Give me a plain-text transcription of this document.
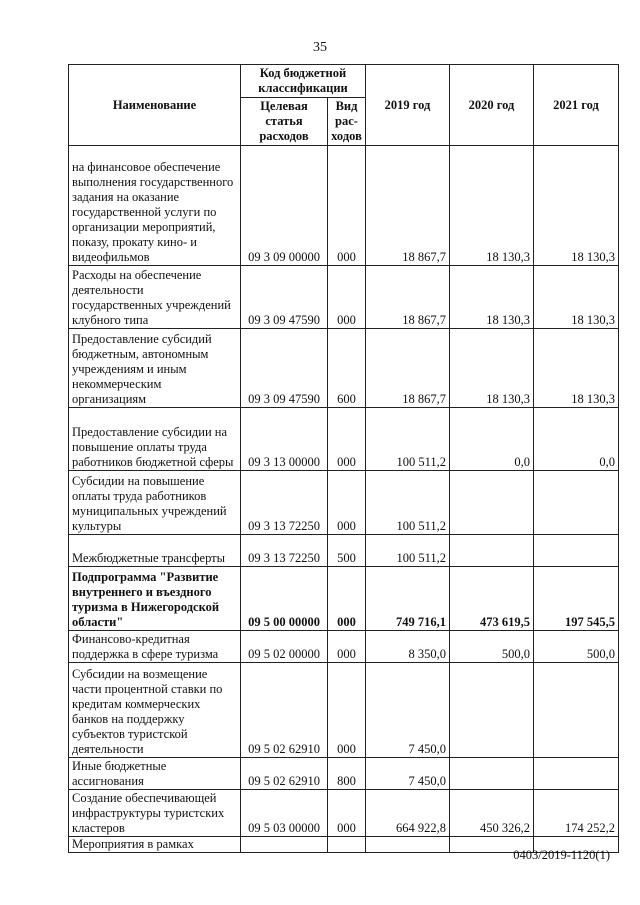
35
Наименование	Код бюджетной классификации		2019 год	2020 год	2021 год
	Целевая статья расходов	Вид рас-ходов			
на финансовое обеспечение выполнения государственного задания на оказание государственной услуги по организации мероприятий, показу, прокату кино- и видеофильмов	09 3 09 00000	000	18 867,7	18 130,3	18 130,3
Расходы на обеспечение деятельности государственных учреждений клубного типа	09 3 09 47590	000	18 867,7	18 130,3	18 130,3
Предоставление субсидий бюджетным, автономным учреждениям и иным некоммерческим организациям	09 3 09 47590	600	18 867,7	18 130,3	18 130,3
Предоставление субсидии на повышение оплаты труда работников бюджетной сферы	09 3 13 00000	000	100 511,2	0,0	0,0
Субсидии на повышение оплаты труда работников муниципальных учреждений культуры	09 3 13 72250	000	100 511,2		
Межбюджетные трансферты	09 3 13 72250	500	100 511,2		
Подпрограмма "Развитие внутреннего и въездного туризма в Нижегородской области"	09 5 00 00000	000	749 716,1	473 619,5	197 545,5
Финансово-кредитная поддержка в сфере туризма	09 5 02 00000	000	8 350,0	500,0	500,0
Субсидии на возмещение части процентной ставки по кредитам коммерческих банков на поддержку субъектов туристской деятельности	09 5 02 62910	000	7 450,0		
Иные бюджетные ассигнования	09 5 02 62910	800	7 450,0		
Создание обеспечивающей инфраструктуры туристских кластеров	09 5 03 00000	000	664 922,8	450 326,2	174 252,2
Мероприятия в рамках					
0403/2019-1120(1)
